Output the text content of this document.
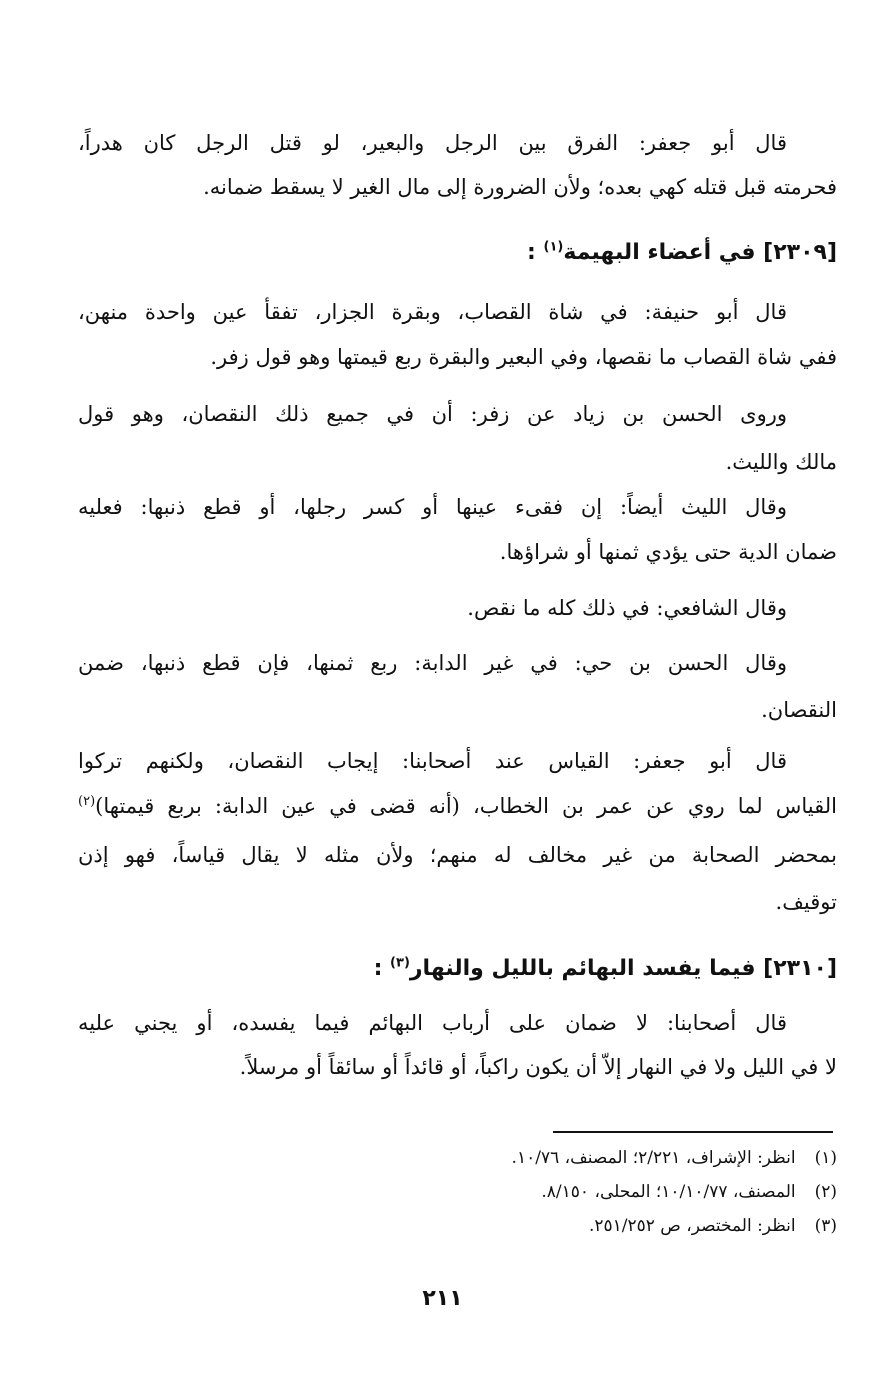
قال أبو جعفر: الفرق بين الرجل والبعير، لو قتل الرجل كان هدراً،
فحرمته قبل قتله كهي بعده؛ ولأن الضرورة إلى مال الغير لا يسقط ضمانه.
[٢٣٠٩] في أعضاء البهيمة$^{(١)}$ :
قال أبو حنيفة: في شاة القصاب، وبقرة الجزار، تفقأ عين واحدة منهن،
ففي شاة القصاب ما نقصها، وفي البعير والبقرة ربع قيمتها وهو قول زفر.
وروى الحسن بن زياد عن زفر: أن في جميع ذلك النقصان، وهو قول
مالك والليث.
وقال الليث أيضاً: إن فقىء عينها أو كسر رجلها، أو قطع ذنبها: فعليه
ضمان الدية حتى يؤدي ثمنها أو شراؤها.
وقال الشافعي: في ذلك كله ما نقص.
وقال الحسن بن حي: في غير الدابة: ربع ثمنها، فإن قطع ذنبها، ضمن
النقصان.
قال أبو جعفر: القياس عند أصحابنا: إيجاب النقصان، ولكنهم تركوا
القياس لما روي عن عمر بن الخطاب، (أنه قضى في عين الدابة: بربع قيمتها)$^{(٢)}$
بمحضر الصحابة من غير مخالف له منهم؛ ولأن مثله لا يقال قياساً، فهو إذن
توقيف.
[٢٣١٠] فيما يفسد البهائم بالليل والنهار$^{(٣)}$ :
قال أصحابنا: لا ضمان على أرباب البهائم فيما يفسده، أو يجني عليه
لا في الليل ولا في النهار إلاّ أن يكون راكباً، أو قائداً أو سائقاً أو مرسلاً.
(١) انظر: الإشراف، ٢/٢٢١؛ المصنف، ١٠/٧٦.
(٢) المصنف، ١٠/١٠/٧٧؛ المحلى، ٨/١٥٠.
(٣) انظر: المختصر، ص ٢٥١/٢٥٢.
٢١١
